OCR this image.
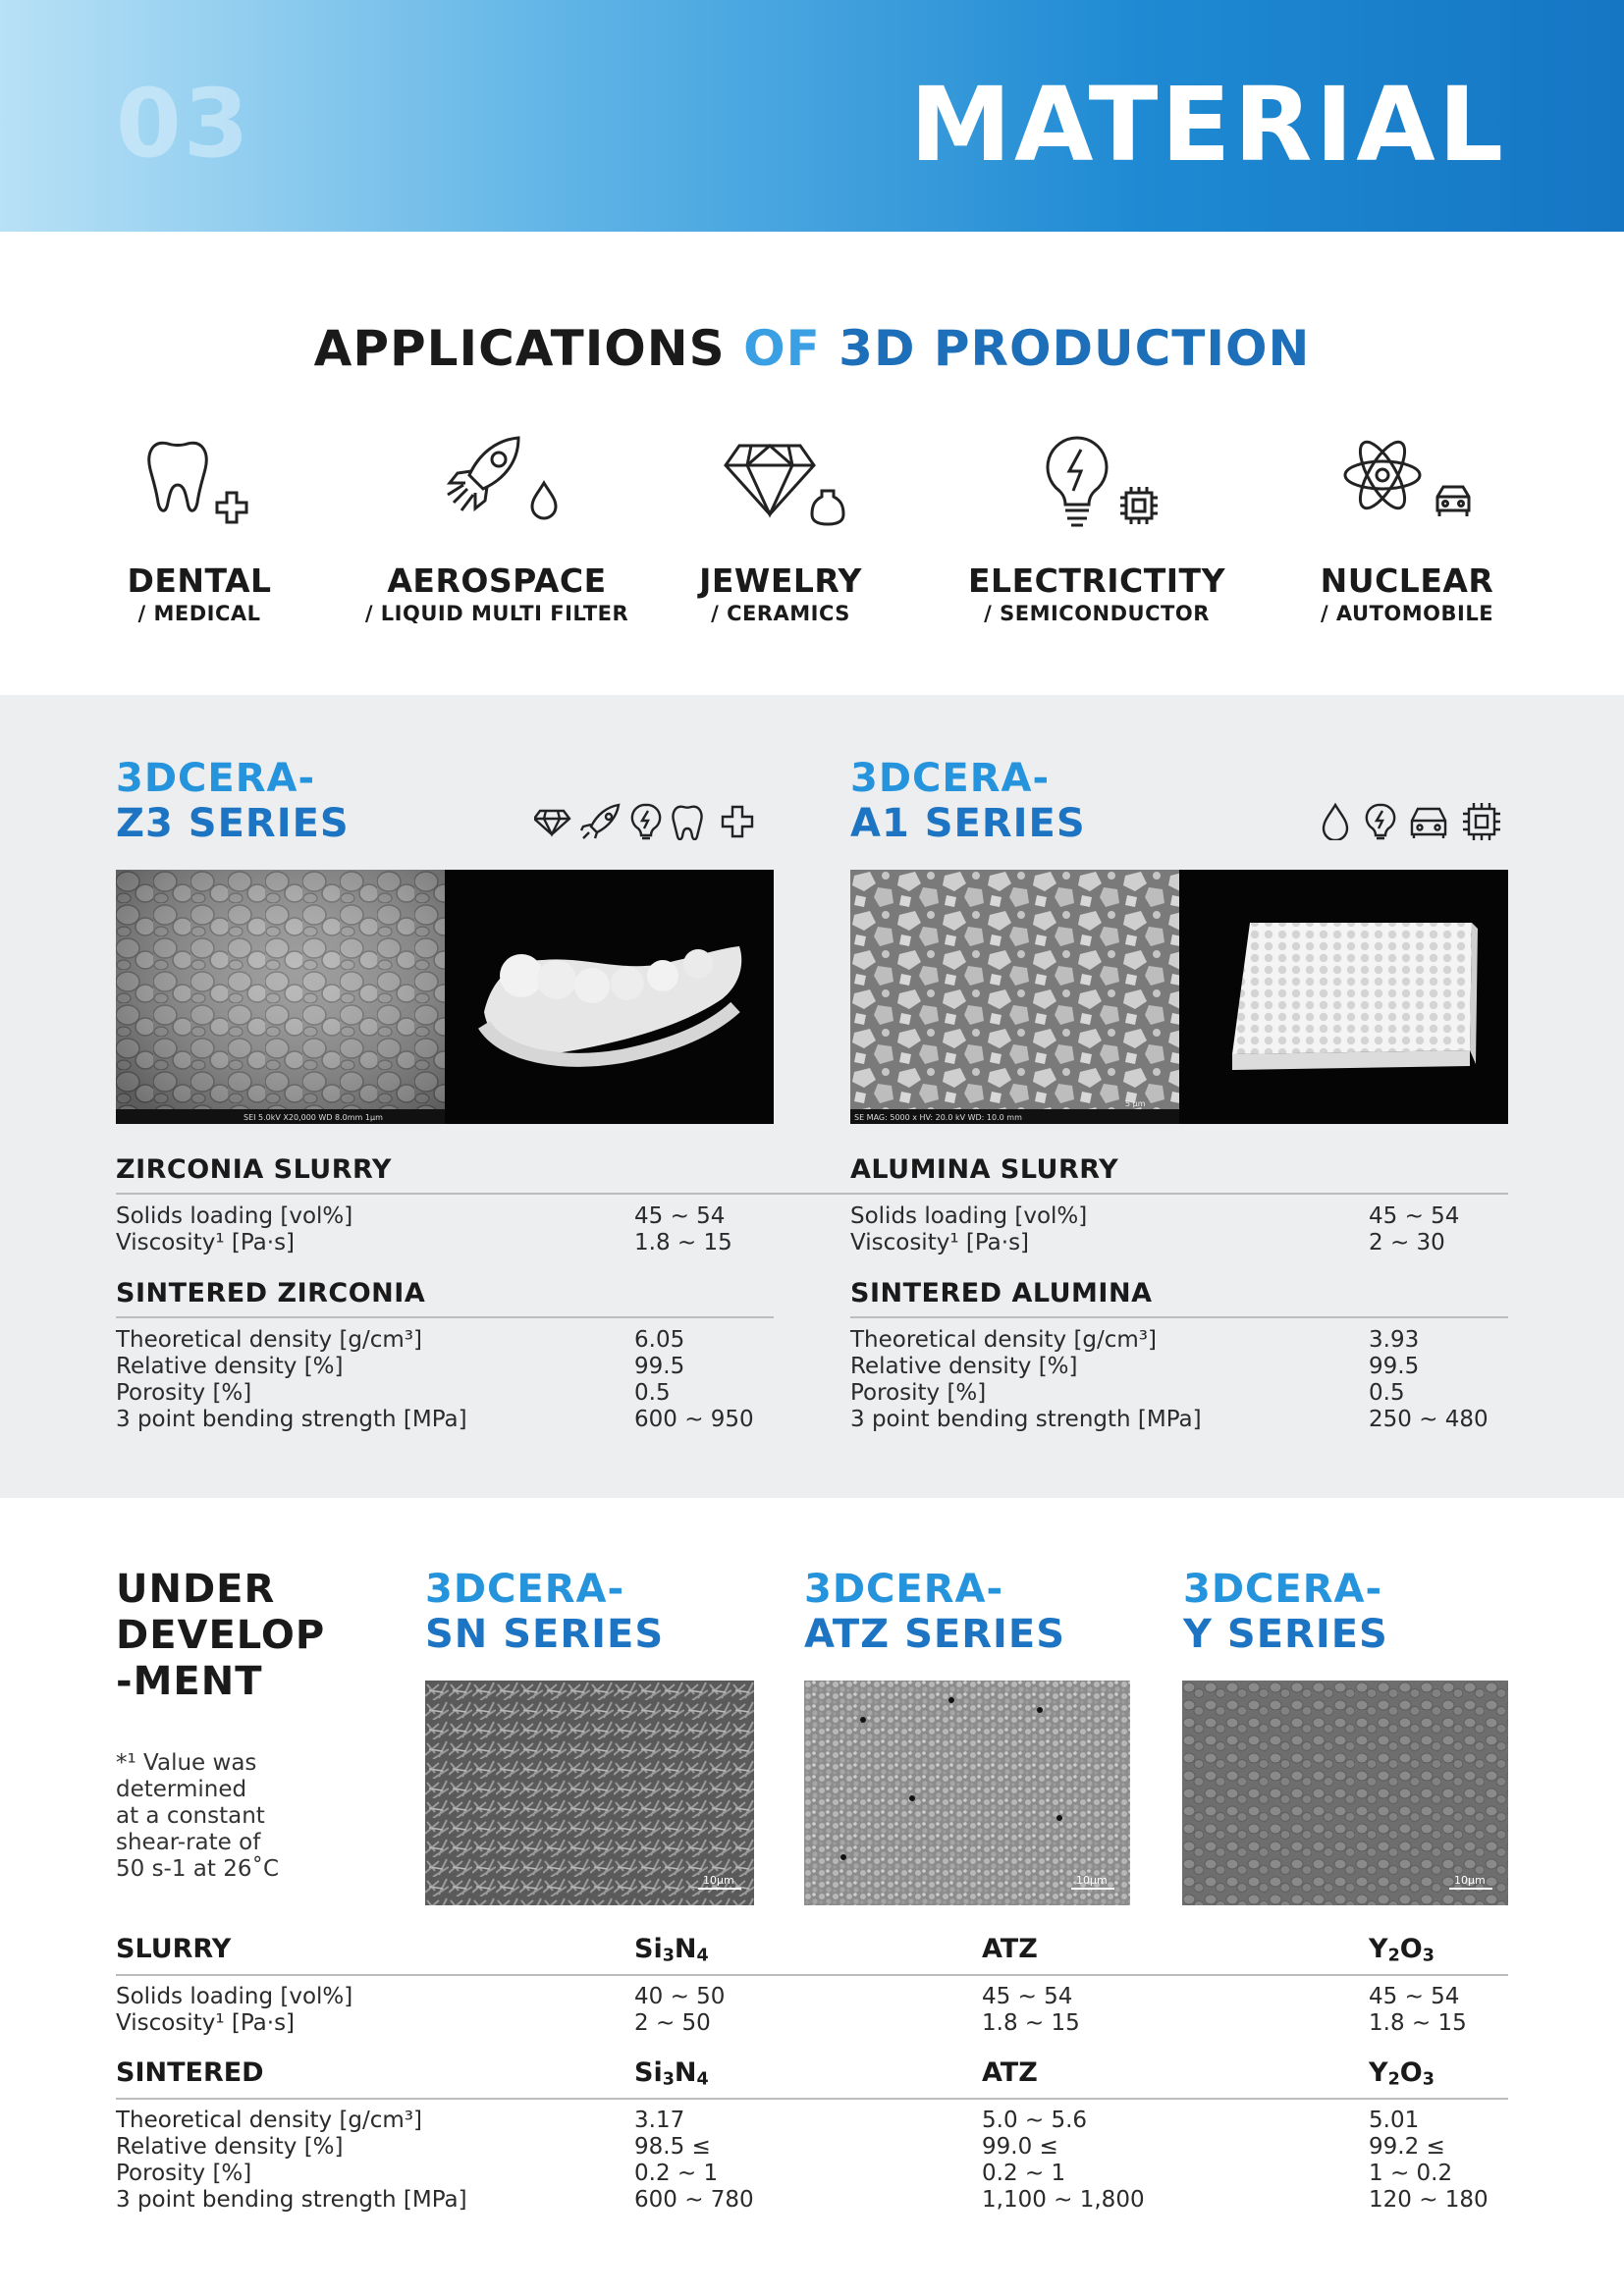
03	MATERIAL
APPLICATIONS OF 3D PRODUCTION
DENTAL
/ MEDICAL
AEROSPACE
/ LIQUID MULTI FILTER
JEWELRY
/ CERAMICS
ELECTRICTITY
/ SEMICONDUCTOR
NUCLEAR
/ AUTOMOBILE
3DCERA-
Z3 SERIES
SEI 5.0kV X20,000 WD 8.0mm 1μm
ZIRCONIA SLURRY
Solids loading [vol%]	45 ~ 54
Viscosity¹ [Pa·s]	1.8 ~ 15
SINTERED ZIRCONIA
Theoretical density [g/cm³]	6.05
Relative density [%]	99.5
Porosity [%]	0.5
3 point bending strength [MPa]	600 ~ 950
3DCERA-
A1 SERIES
SE MAG: 5000 x HV: 20.0 kV WD: 10.0 mm
5 μm
ALUMINA SLURRY
Solids loading [vol%]	45 ~ 54
Viscosity¹ [Pa·s]	2 ~ 30
SINTERED ALUMINA
Theoretical density [g/cm³]	3.93
Relative density [%]	99.5
Porosity [%]	0.5
3 point bending strength [MPa]	250 ~ 480
UNDER
DEVELOP
-MENT
*¹ Value was
determined
at a constant
shear-rate of
50 s-1 at 26˚C
3DCERA-
SN SERIES
3DCERA-
ATZ SERIES
3DCERA-
Y SERIES
10μm	10μm	10μm
SLURRY	$Si_3N_4$	ATZ	$Y_2O_3$
Solids loading [vol%]	40 ~ 50	45 ~ 54	45 ~ 54
Viscosity¹ [Pa·s]	2 ~ 50	1.8 ~ 15	1.8 ~ 15
SINTERED	$Si_3N_4$	ATZ	$Y_2O_3$
Theoretical density [g/cm³]	3.17	5.0 ~ 5.6	5.01
Relative density [%]	98.5 ≤	99.0 ≤	99.2 ≤
Porosity [%]	0.2 ~ 1	0.2 ~ 1	1 ~ 0.2
3 point bending strength [MPa]	600 ~ 780	1,100 ~ 1,800	120 ~ 180
